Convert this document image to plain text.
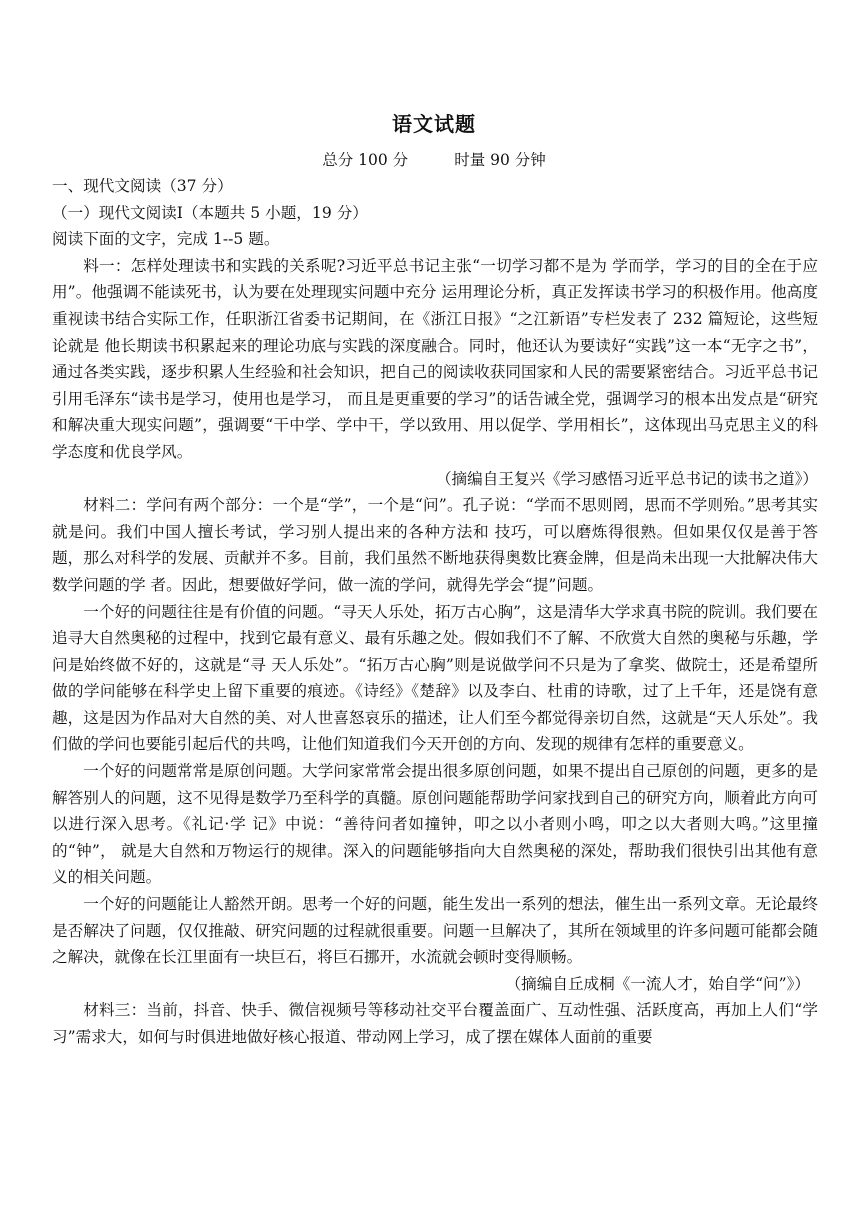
语文试题
总分 100 分	时量 90 分钟

一、现代文阅读（37 分）

（一）现代文阅读Ⅰ（本题共 5 小题，19 分）

阅读下面的文字，完成 1--5 题。

料一：怎样处理读书和实践的关系呢?习近平总书记主张“一切学习都不是为 学而学，学习的目的全在于应用”。他强调不能读死书，认为要在处理现实问题中充分 运用理论分析，真正发挥读书学习的积极作用。他高度重视读书结合实际工作，任职浙江省委书记期间，在《浙江日报》“之江新语”专栏发表了 232 篇短论，这些短论就是 他长期读书积累起来的理论功底与实践的深度融合。同时，他还认为要读好“实践”这一本“无字之书”，通过各类实践，逐步积累人生经验和社会知识，把自己的阅读收获同国家和人民的需要紧密结合。习近平总书记引用毛泽东“读书是学习，使用也是学习， 而且是更重要的学习”的话告诫全党，强调学习的根本出发点是“研究和解决重大现实问题”，强调要“干中学、学中干，学以致用、用以促学、学用相长”，这体现出马克思主义的科学态度和优良学风。

（摘编自王复兴《学习感悟习近平总书记的读书之道》）

材料二：学问有两个部分：一个是“学”，一个是“问”。孔子说：“学而不思则罔，思而不学则殆。”思考其实就是问。我们中国人擅长考试，学习别人提出来的各种方法和 技巧，可以磨炼得很熟。但如果仅仅是善于答题，那么对科学的发展、贡献并不多。目前，我们虽然不断地获得奥数比赛金牌，但是尚未出现一大批解决伟大数学问题的学 者。因此，想要做好学问，做一流的学问，就得先学会“提”问题。

一个好的问题往往是有价值的问题。“寻天人乐处，拓万古心胸”，这是清华大学求真书院的院训。我们要在追寻大自然奥秘的过程中，找到它最有意义、最有乐趣之处。假如我们不了解、不欣赏大自然的奥秘与乐趣，学问是始终做不好的，这就是“寻 天人乐处”。“拓万古心胸”则是说做学问不只是为了拿奖、做院士，还是希望所做的学问能够在科学史上留下重要的痕迹。《诗经》《楚辞》以及李白、杜甫的诗歌，过了上千年，还是饶有意趣，这是因为作品对大自然的美、对人世喜怒哀乐的描述，让人们至今都觉得亲切自然，这就是“天人乐处”。我们做的学问也要能引起后代的共鸣，让他们知道我们今天开创的方向、发现的规律有怎样的重要意义。

一个好的问题常常是原创问题。大学问家常常会提出很多原创问题，如果不提出自己原创的问题，更多的是解答别人的问题，这不见得是数学乃至科学的真髓。原创问题能帮助学问家找到自己的研究方向，顺着此方向可以进行深入思考。《礼记·学 记》中说：“善待问者如撞钟，叩之以小者则小鸣，叩之以大者则大鸣。”这里撞的“钟”， 就是大自然和万物运行的规律。深入的问题能够指向大自然奥秘的深处，帮助我们很快引出其他有意义的相关问题。

一个好的问题能让人豁然开朗。思考一个好的问题，能生发出一系列的想法，催生出一系列文章。无论最终是否解决了问题，仅仅推敲、研究问题的过程就很重要。问题一旦解决了，其所在领域里的许多问题可能都会随之解决，就像在长江里面有一块巨石，将巨石挪开，水流就会顿时变得顺畅。

（摘编自丘成桐《一流人才，始自学“问”》）

材料三：当前，抖音、快手、微信视频号等移动社交平台覆盖面广、互动性强、活跃度高，再加上人们“学习”需求大，如何与时俱进地做好核心报道、带动网上学习，成了摆在媒体人面前的重要
